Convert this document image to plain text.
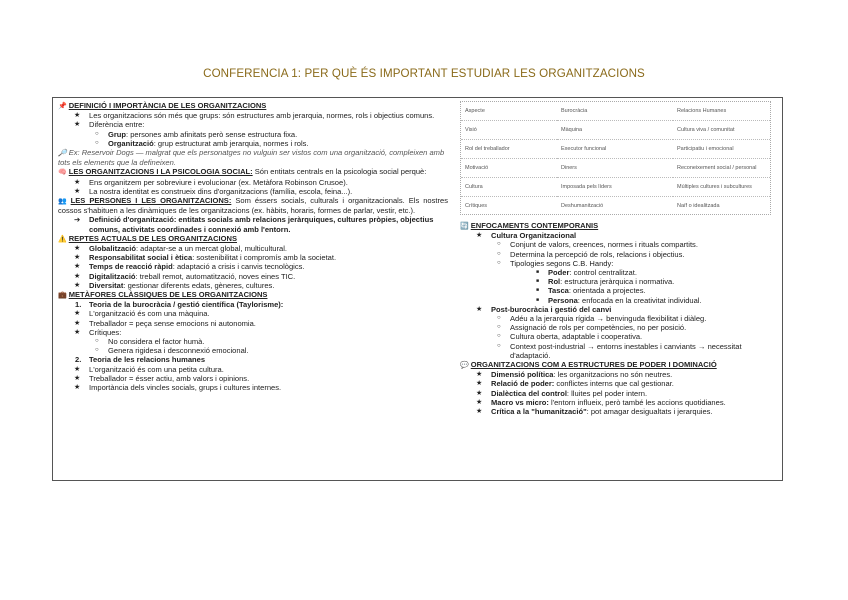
CONFERENCIA 1: PER QUÈ ÉS IMPORTANT ESTUDIAR LES ORGANITZACIONS
📌 DEFINICIÓ I IMPORTÀNCIA DE LES ORGANITZACIONS
★ Les organitzacions són més que grups: són estructures amb jerarquia, normes, rols i objectius comuns.
★ Diferència entre:
○ Grup: persones amb afinitats però sense estructura fixa.
○ Organització: grup estructurat amb jerarquia, normes i rols.
🔎 Ex: Reservoir Dogs — malgrat que els personatges no vulguin ser vistos com una organització, compleixen amb tots els elements que la defineixen.
🧠 LES ORGANITZACIONS I LA PSICOLOGIA SOCIAL: Són entitats centrals en la psicologia social perquè:
★ Ens organitzem per sobreviure i evolucionar (ex. Metàfora Robinson Crusoe).
★ La nostra identitat es construeix dins d'organitzacions (família, escola, feina...).
👥 LES PERSONES I LES ORGANITZACIONS: Som éssers socials, culturals i organitzacionals. Els nostres cossos s'habituen a les dinàmiques de les organitzacions (ex. hàbits, horaris, formes de parlar, vestir, etc.).
➔ Definició d'organització: entitats socials amb relacions jeràrquiques, cultures pròpies, objectius comuns, activitats coordinades i connexió amb l'entorn.
⚠️ REPTES ACTUALS DE LES ORGANITZACIONS
★ Globalització: adaptar-se a un mercat global, multicultural.
★ Responsabilitat social i ètica: sostenibilitat i compromís amb la societat.
★ Temps de reacció ràpid: adaptació a crisis i canvis tecnològics.
★ Digitalització: treball remot, automatització, noves eines TIC.
★ Diversitat: gestionar diferents edats, gèneres, cultures.
💼 METÀFORES CLÀSSIQUES DE LES ORGANITZACIONS
1. Teoria de la burocràcia / gestió científica (Taylorisme):
★ L'organització és com una màquina.
★ Treballador = peça sense emocions ni autonomia.
★ Crítiques:
○ No considera el factor humà.
○ Genera rigidesa i desconnexió emocional.
2. Teoria de les relacions humanes
★ L'organització és com una petita cultura.
★ Treballador = ésser actiu, amb valors i opinions.
★ Importància dels vincles socials, grups i cultures internes.
Aspecte	Burocràcia	Relacions Humanes
Visió	Màquina	Cultura viva / comunitat
Rol del treballador	Executor funcional	Participatiu i emocional
Motivació	Diners	Reconeixement social / personal
Cultura	Imposada pels líders	Múltiples cultures i subcultures
Crítiques	Deshumanització	Naïf o idealitzada
🔄 ENFOCAMENTS CONTEMPORANIS
★ Cultura Organitzacional
○ Conjunt de valors, creences, normes i rituals compartits.
○ Determina la percepció de rols, relacions i objectius.
○ Tipologies segons C.B. Handy:
■ Poder: control centralitzat.
■ Rol: estructura jeràrquica i normativa.
■ Tasca: orientada a projectes.
■ Persona: enfocada en la creativitat individual.
★ Post-burocràcia i gestió del canvi
○ Adéu a la jerarquia rígida → benvinguda flexibilitat i diàleg.
○ Assignació de rols per competències, no per posició.
○ Cultura oberta, adaptable i cooperativa.
○ Context post-industrial → entorns inestables i canviants → necessitat d'adaptació.
💬 ORGANITZACIONS COM A ESTRUCTURES DE PODER I DOMINACIÓ
★ Dimensió política: les organitzacions no són neutres.
★ Relació de poder: conflictes interns que cal gestionar.
★ Dialèctica del control: lluites pel poder intern.
★ Macro vs micro: l'entorn influeix, però també les accions quotidianes.
★ Crítica a la "humanització": pot amagar desigualtats i jerarquies.
